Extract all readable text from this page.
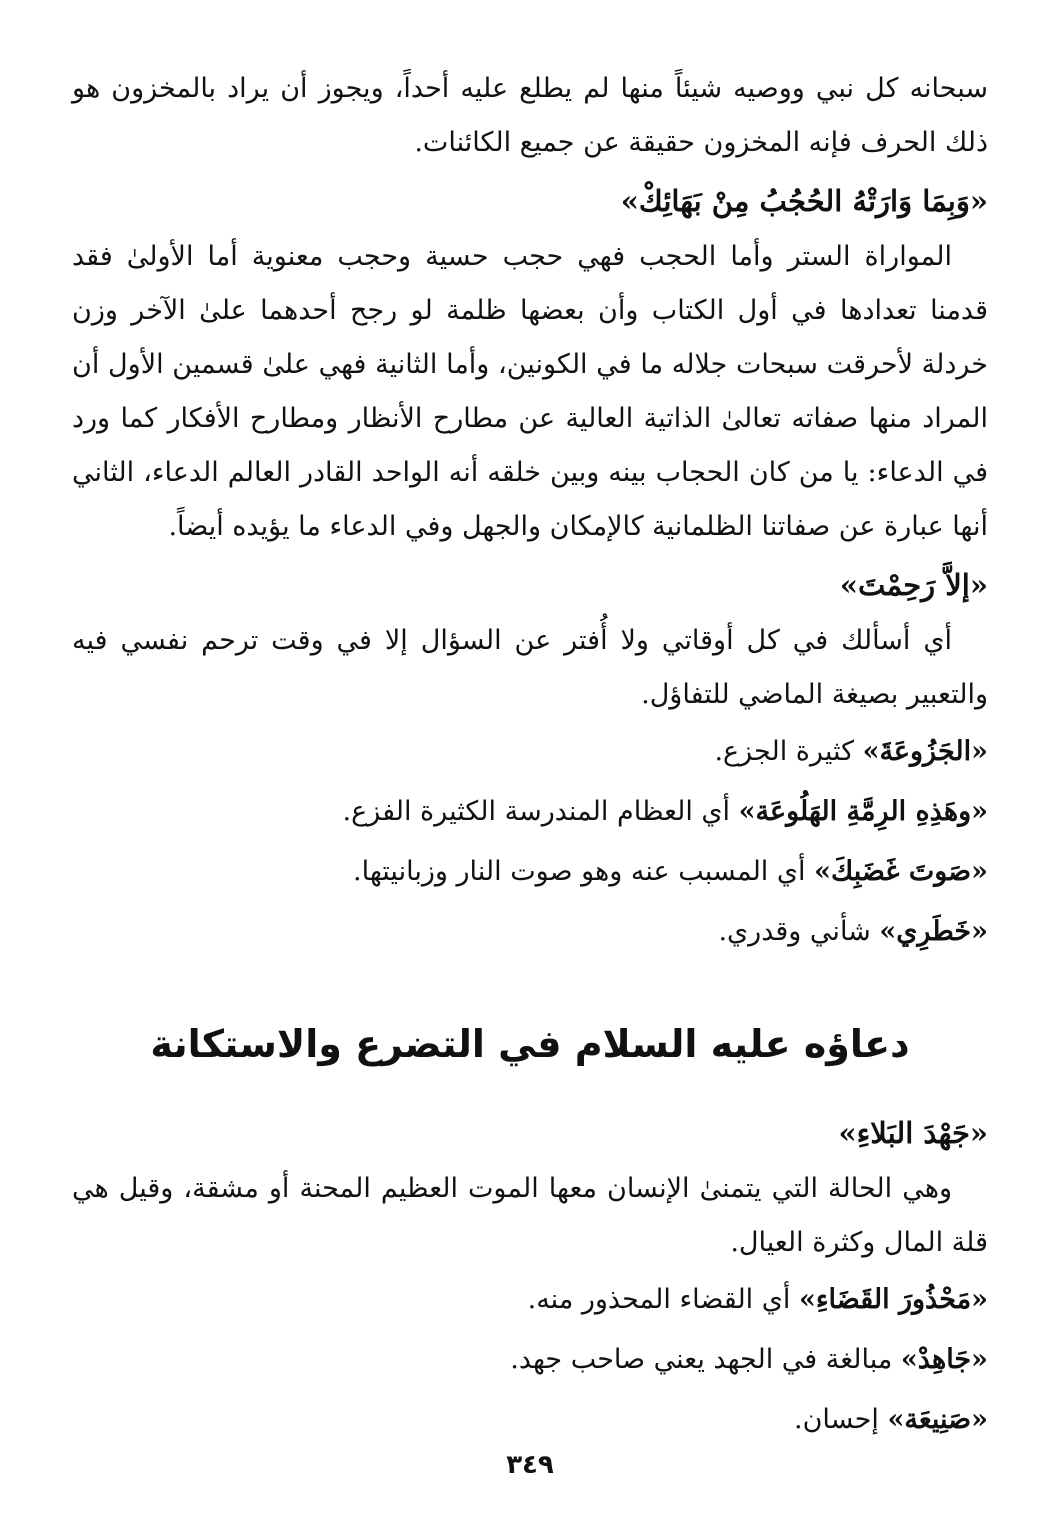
سبحانه كل نبي ووصيه شيئاً منها لم يطلع عليه أحداً، ويجوز أن يراد بالمخزون هو ذلك الحرف فإنه المخزون حقيقة عن جميع الكائنات.

«وَبِمَا وَارَتْهُ الحُجُبُ مِنْ بَهَائِكْ»

المواراة الستر وأما الحجب فهي حجب حسية وحجب معنوية أما الأولىٰ فقد قدمنا تعدادها في أول الكتاب وأن بعضها ظلمة لو رجح أحدهما علىٰ الآخر وزن خردلة لأحرقت سبحات جلاله ما في الكونين، وأما الثانية فهي علىٰ قسمين الأول أن المراد منها صفاته تعالىٰ الذاتية العالية عن مطارح الأنظار ومطارح الأفكار كما ورد في الدعاء: يا من كان الحجاب بينه وبين خلقه أنه الواحد القادر العالم الدعاء، الثاني أنها عبارة عن صفاتنا الظلمانية كالإمكان والجهل وفي الدعاء ما يؤيده أيضاً.

«إلاَّ رَحِمْتَ»

أي أسألك في كل أوقاتي ولا أُفتر عن السؤال إلا في وقت ترحم نفسي فيه والتعبير بصيغة الماضي للتفاؤل.

«الجَزُوعَةَ» كثيرة الجزع.

«وهَذِهِ الرِمَّةِ الهَلُوعَة» أي العظام المندرسة الكثيرة الفزع.

«صَوتَ غَضَبِكَ» أي المسبب عنه وهو صوت النار وزبانيتها.

«خَطَرِي» شأني وقدري.

دعاؤه عليه السلام في التضرع والاستكانة

«جَهْدَ البَلاءِ»

وهي الحالة التي يتمنىٰ الإنسان معها الموت العظيم المحنة أو مشقة، وقيل هي قلة المال وكثرة العيال.

«مَحْذُورَ القَضَاءِ» أي القضاء المحذور منه.

«جَاهِدْ» مبالغة في الجهد يعني صاحب جهد.

«صَنِيعَة» إحسان.

٣٤٩
